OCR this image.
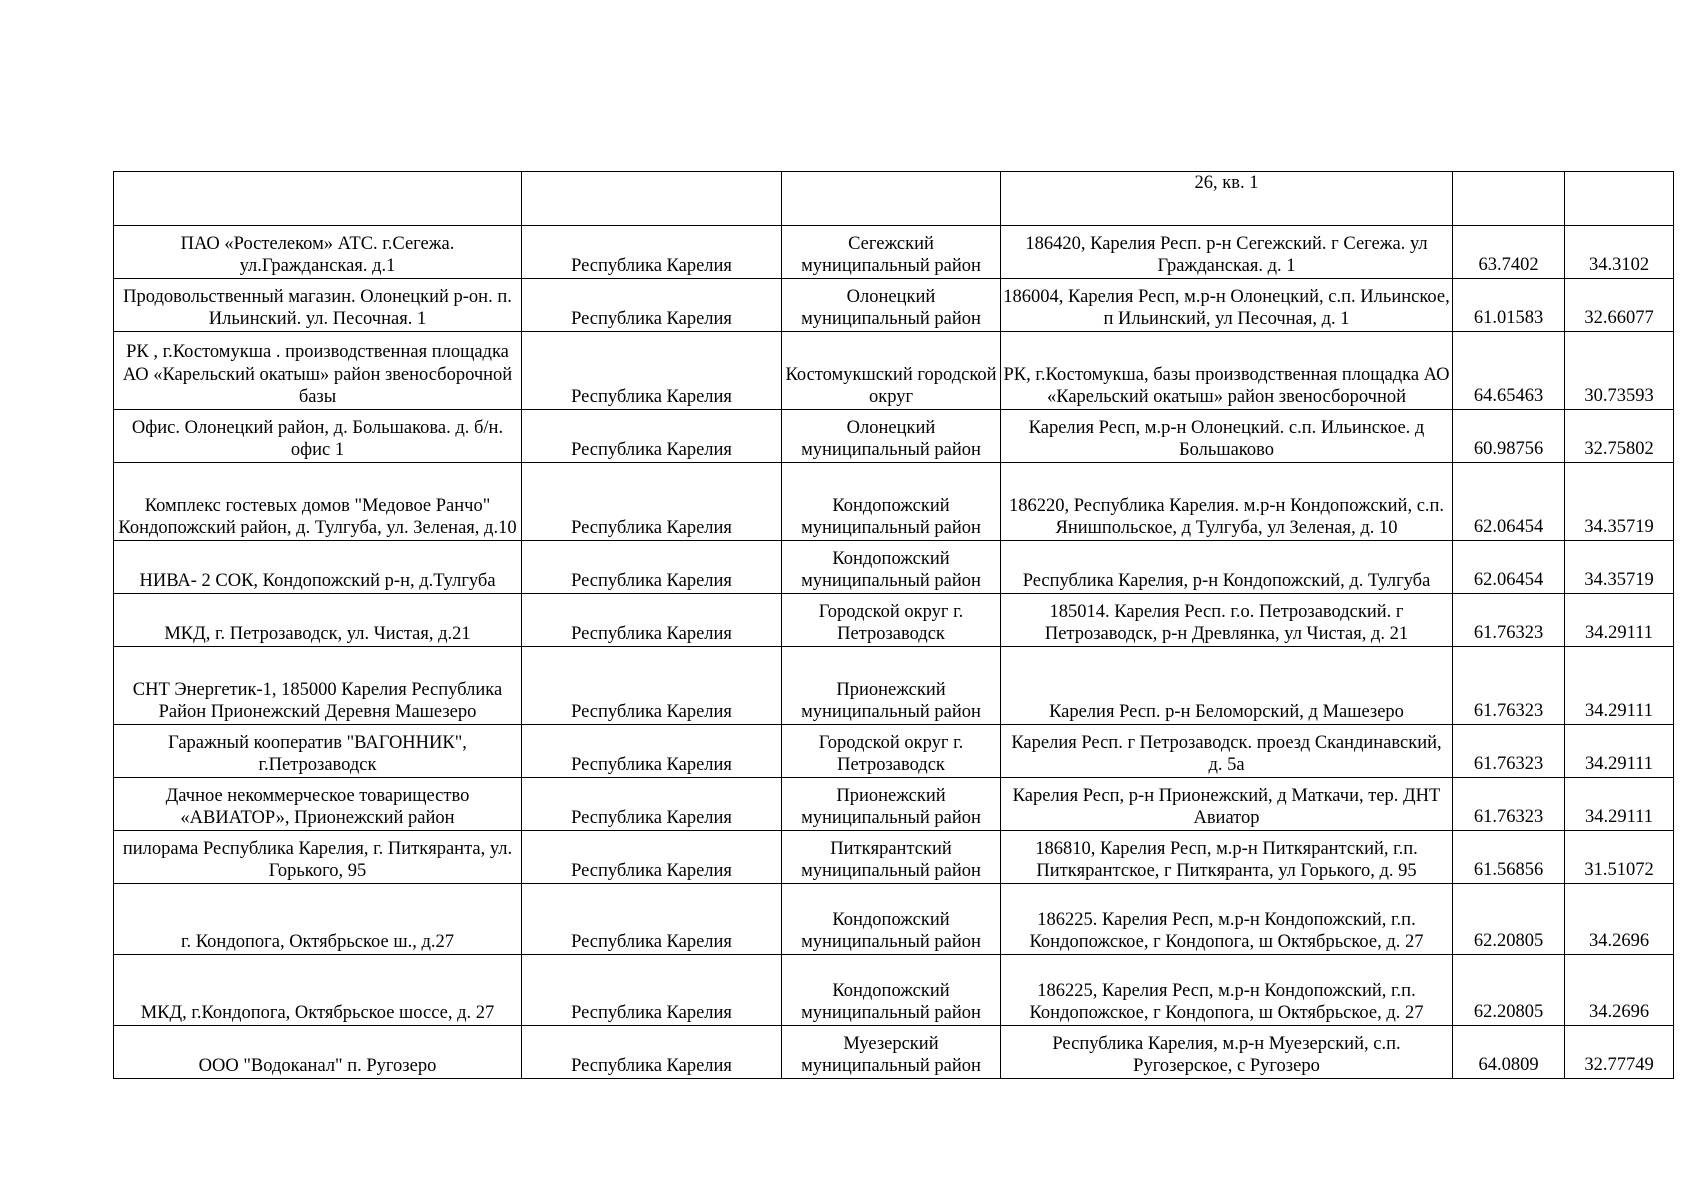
			26, кв. 1		
ПАО «Ростелеком» АТС. г.Сегежа. ул.Гражданская. д.1	Республика Карелия	Сегежский муниципальный район	186420, Карелия Респ. р-н Сегежский. г Сегежа. ул Гражданская. д. 1	63.7402	34.3102
Продовольственный магазин. Олонецкий р-он. п. Ильинский. ул. Песочная. 1	Республика Карелия	Олонецкий муниципальный район	186004, Карелия Респ, м.р-н Олонецкий, с.п. Ильинское, п Ильинский, ул Песочная, д. 1	61.01583	32.66077
РК , г.Костомукша . производственная площадка АО «Карельский окатыш» район звеносборочной базы	Республика Карелия	Костомукшский городской округ	РК, г.Костомукша, базы производственная площадка АО «Карельский окатыш» район звеносборочной	64.65463	30.73593
Офис. Олонецкий район, д. Большакова. д. б/н. офис 1	Республика Карелия	Олонецкий муниципальный район	Карелия Респ, м.р-н Олонецкий. с.п. Ильинское. д Большаково	60.98756	32.75802
Комплекс гостевых домов "Медовое Ранчо" Кондопожский район, д. Тулгуба, ул. Зеленая, д.10	Республика Карелия	Кондопожский муниципальный район	186220, Республика Карелия. м.р-н Кондопожский, с.п. Янишпольское, д Тулгуба, ул Зеленая, д. 10	62.06454	34.35719
НИВА- 2 СОК, Кондопожский р-н, д.Тулгуба	Республика Карелия	Кондопожский муниципальный район	Республика Карелия, р-н Кондопожский, д. Тулгуба	62.06454	34.35719
МКД, г. Петрозаводск, ул. Чистая, д.21	Республика Карелия	Городской округ г. Петрозаводск	185014. Карелия Респ. г.о. Петрозаводский. г Петрозаводск, р-н Древлянка, ул Чистая, д. 21	61.76323	34.29111
СНТ Энергетик-1, 185000 Карелия Республика Район Прионежский Деревня Машезеро	Республика Карелия	Прионежский муниципальный район	Карелия Респ. р-н Беломорский, д Машезеро	61.76323	34.29111
Гаражный кооператив "ВАГОННИК", г.Петрозаводск	Республика Карелия	Городской округ г. Петрозаводск	Карелия Респ. г Петрозаводск. проезд Скандинавский, д. 5а	61.76323	34.29111
Дачное некоммерческое товарищество «АВИАТОР», Прионежский район	Республика Карелия	Прионежский муниципальный район	Карелия Респ, р-н Прионежский, д Маткачи, тер. ДНТ Авиатор	61.76323	34.29111
пилорама Республика Карелия, г. Питкяранта, ул. Горького, 95	Республика Карелия	Питкярантский муниципальный район	186810, Карелия Респ, м.р-н Питкярантский, г.п. Питкярантское, г Питкяранта, ул Горького, д. 95	61.56856	31.51072
г. Кондопога, Октябрьское ш., д.27	Республика Карелия	Кондопожский муниципальный район	186225. Карелия Респ, м.р-н Кондопожский, г.п. Кондопожское, г Кондопога, ш Октябрьское, д. 27	62.20805	34.2696
МКД, г.Кондопога, Октябрьское шоссе, д. 27	Республика Карелия	Кондопожский муниципальный район	186225, Карелия Респ, м.р-н Кондопожский, г.п. Кондопожское, г Кондопога, ш Октябрьское, д. 27	62.20805	34.2696
ООО "Водоканал" п. Ругозеро	Республика Карелия	Муезерский муниципальный район	Республика Карелия, м.р-н Муезерский, с.п. Ругозерское, с Ругозеро	64.0809	32.77749
